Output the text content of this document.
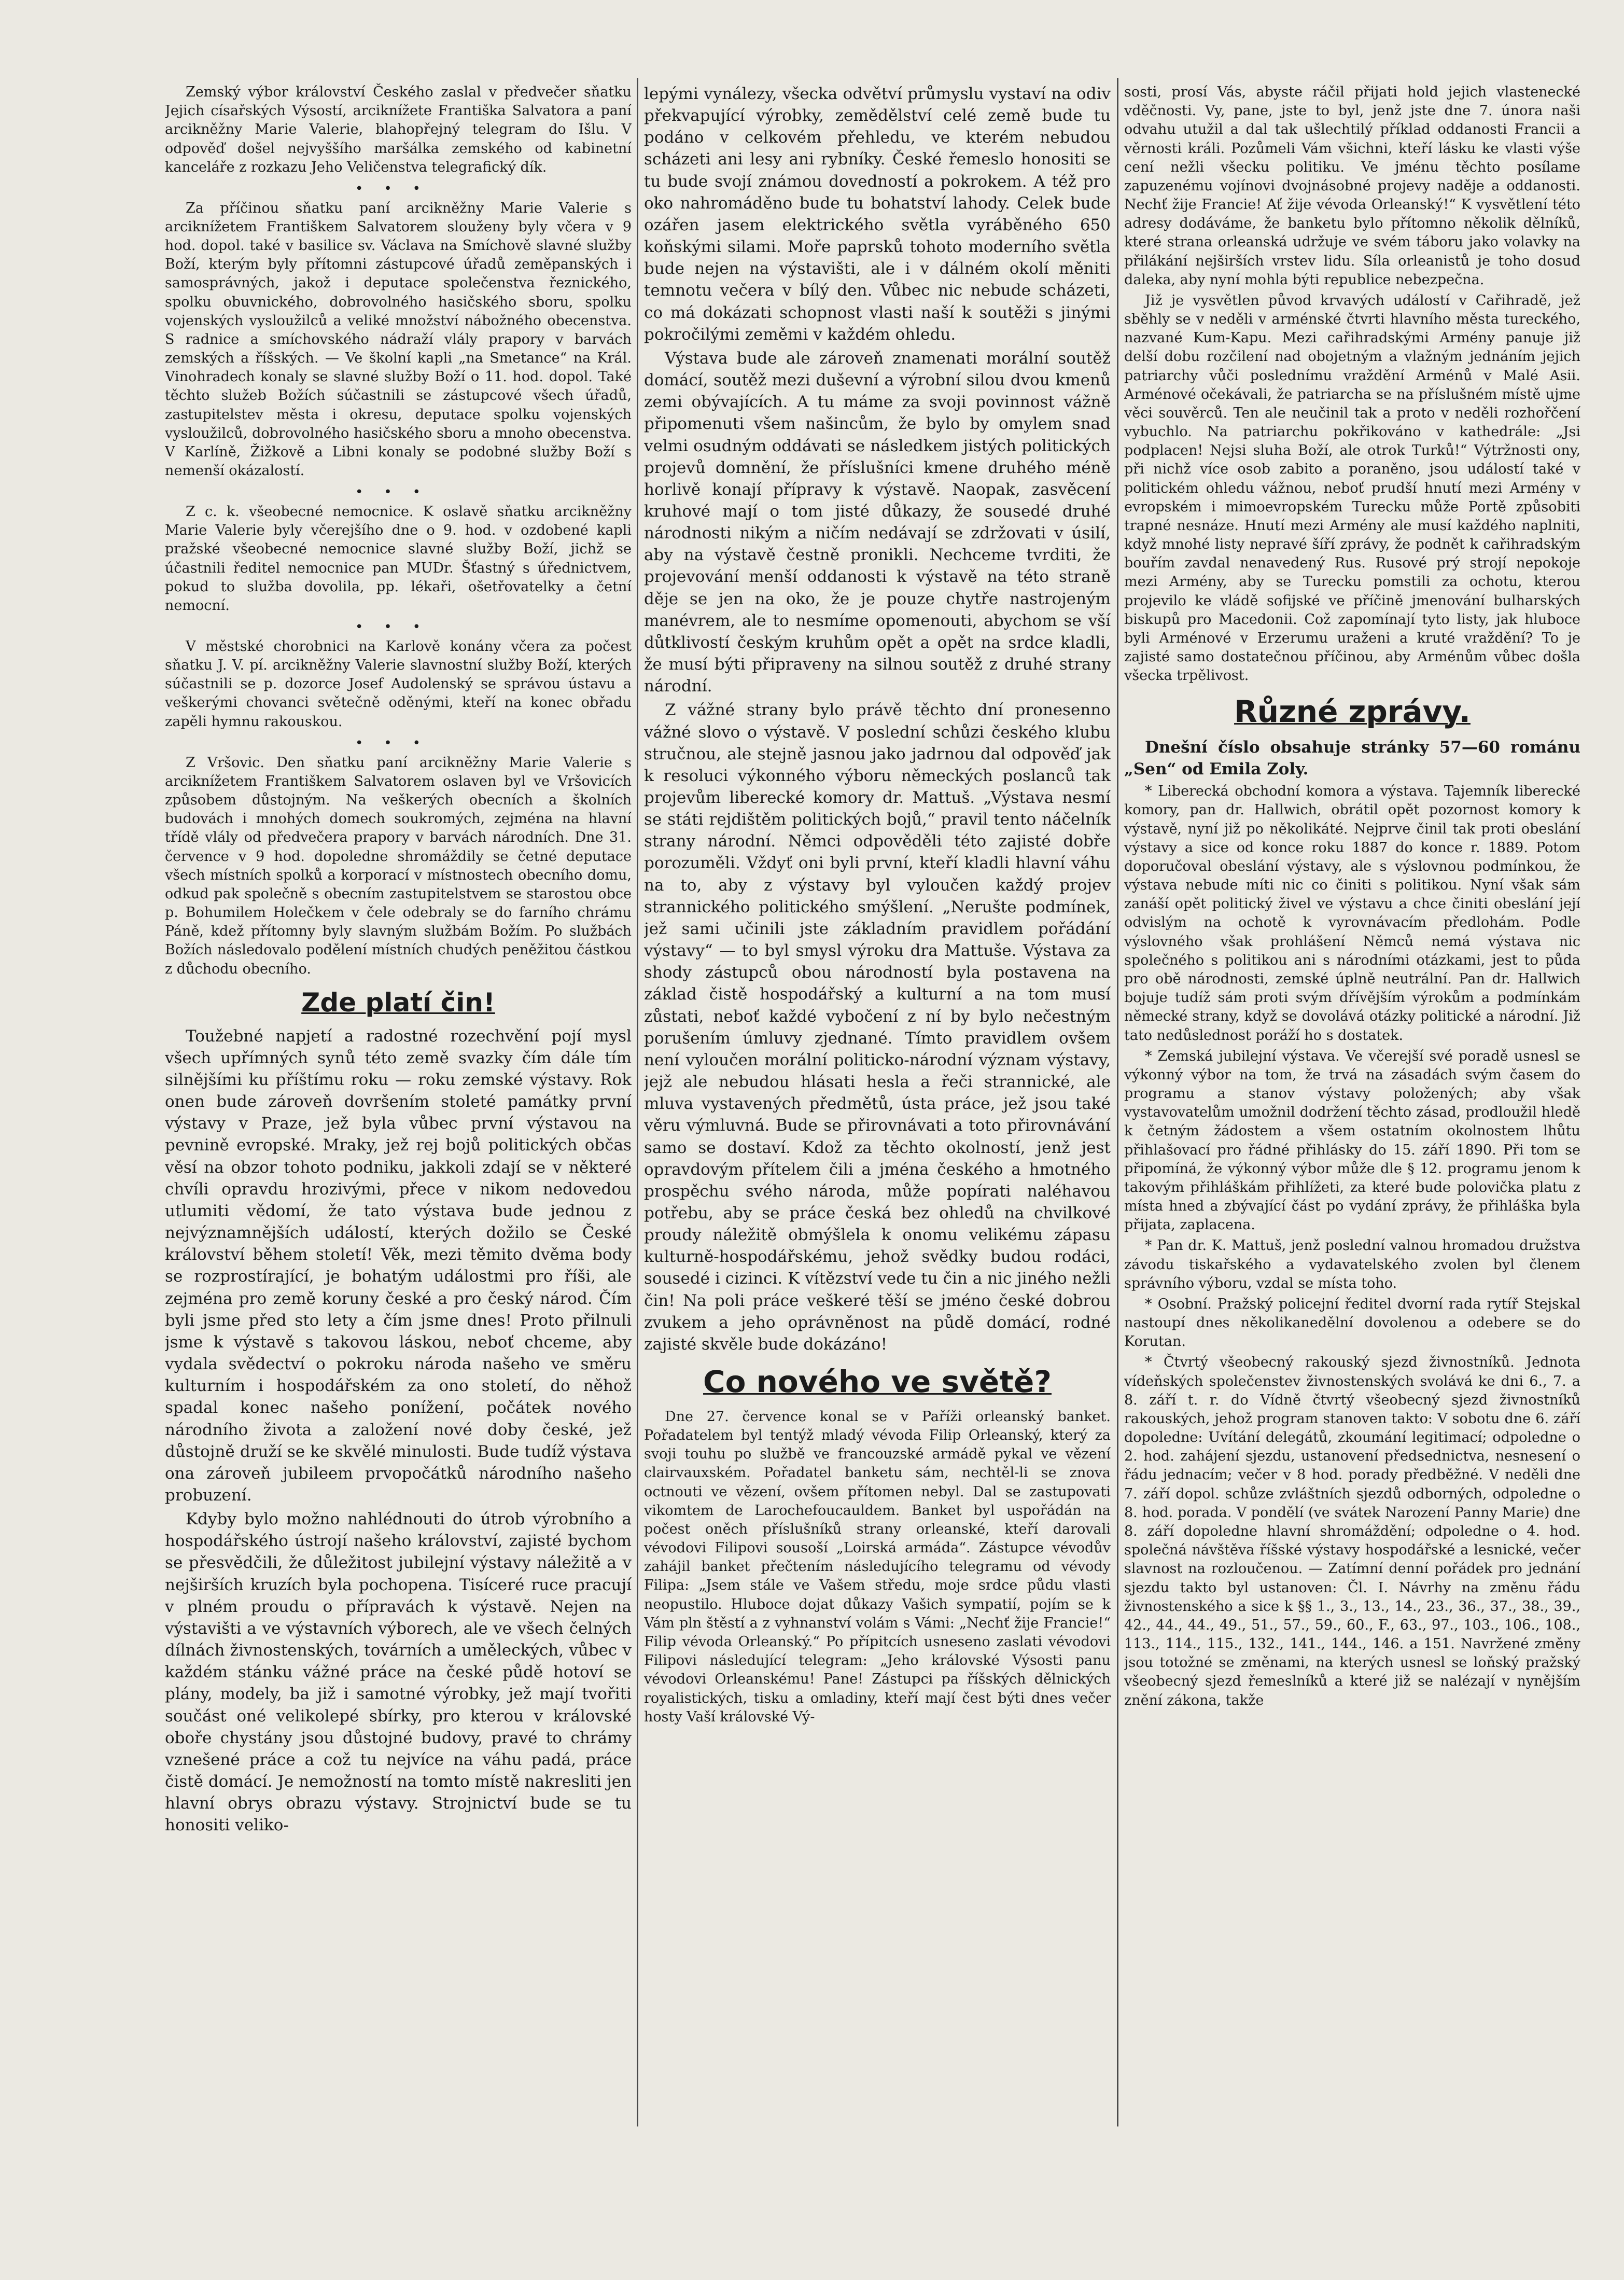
Zemský výbor království Českého zaslal v předvečer sňatku Jejich císařských Výsostí, arciknížete Františka Salvatora a paní arcikněžny Marie Valerie, blahopřejný telegram do Išlu. V odpověď došel nejvyššího maršálka zemského od kabinetní kanceláře z rozkazu Jeho Veličenstva telegrafický dík.

•••

Za příčinou sňatku paní arcikněžny Marie Valerie s arciknížetem Františkem Salvatorem slouženy byly včera v 9 hod. dopol. také v basilice sv. Václava na Smíchově slavné služby Boží, kterým byly přítomni zástupcové úřadů zeměpanských i samosprávných, jakož i deputace společenstva řeznického, spolku obuvnického, dobrovolného hasičského sboru, spolku vojenských vysloužilců a veliké množství nábožného obecenstva. S radnice a smíchovského nádraží vlály prapory v barvách zemských a říšských. — Ve školní kapli „na Smetance“ na Král. Vinohradech konaly se slavné služby Boží o 11. hod. dopol. Také těchto služeb Božích súčastnili se zástupcové všech úřadů, zastupitelstev města i okresu, deputace spolku vojenských vysloužilců, dobrovolného hasičského sboru a mnoho obecenstva. V Karlíně, Žižkově a Libni konaly se podobné služby Boží s nemenší okázalostí.

•••

Z c. k. všeobecné nemocnice. K oslavě sňatku arcikněžny Marie Valerie byly včerejšího dne o 9. hod. v ozdobené kapli pražské všeobecné nemocnice slavné služby Boží, jichž se účastnili ředitel nemocnice pan MUDr. Šťastný s úřednictvem, pokud to služba dovolila, pp. lékaři, ošetřovatelky a četní nemocní.

•••

V městské chorobnici na Karlově konány včera za počest sňatku J. V. pí. arcikněžny Valerie slavnostní služby Boží, kterých súčastnili se p. dozorce Josef Audolenský se správou ústavu a veškerými chovanci světečně oděnými, kteří na konec obřadu zapěli hymnu rakouskou.

•••

Z Vršovic. Den sňatku paní arcikněžny Marie Valerie s arciknížetem Františkem Salvatorem oslaven byl ve Vršovicích způsobem důstojným. Na veškerých obecních a školních budovách i mnohých domech soukromých, zejména na hlavní třídě vlály od předvečera prapory v barvách národních. Dne 31. července v 9 hod. dopoledne shromáždily se četné deputace všech místních spolků a korporací v místnostech obecního domu, odkud pak společně s obecním zastupitelstvem se starostou obce p. Bohumilem Holečkem v čele odebraly se do farního chrámu Páně, kdež přítomny byly slavným službám Božím. Po službách Božích následovalo podělení místních chudých peněžitou částkou z důchodu obecního.

Zde platí čin!

Toužebné napjetí a radostné rozechvění pojí mysl všech upřímných synů této země svazky čím dále tím silnějšími ku příštímu roku — roku zemské výstavy. Rok onen bude zároveň dovršením stoleté památky první výstavy v Praze, jež byla vůbec první výstavou na pevnině evropské. Mraky, jež rej bojů politických občas věsí na obzor tohoto podniku, jakkoli zdají se v některé chvíli opravdu hrozivými, přece v nikom nedovedou utlumiti vědomí, že tato výstava bude jednou z nejvýznamnějších událostí, kterých dožilo se České království během století! Věk, mezi těmito dvěma body se rozprostírající, je bohatým událostmi pro říši, ale zejména pro země koruny české a pro český národ. Čím byli jsme před sto lety a čím jsme dnes! Proto přilnuli jsme k výstavě s takovou láskou, neboť chceme, aby vydala svědectví o pokroku národa našeho ve směru kulturním i hospodářském za ono století, do něhož spadal konec našeho ponížení, počátek nového národního života a založení nové doby české, jež důstojně druží se ke skvělé minulosti. Bude tudíž výstava ona zároveň jubileem prvopočátků národního našeho probuzení.

Kdyby bylo možno nahlédnouti do útrob výrobního a hospodářského ústrojí našeho království, zajisté bychom se přesvědčili, že důležitost jubilejní výstavy náležitě a v nejširších kruzích byla pochopena. Tisíceré ruce pracují v plném proudu o přípravách k výstavě. Nejen na výstavišti a ve výstavních výborech, ale ve všech čelných dílnách živnostenských, továrních a uměleckých, vůbec v každém stánku vážné práce na české půdě hotoví se plány, modely, ba již i samotné výrobky, jež mají tvořiti součást oné velikolepé sbírky, pro kterou v královské oboře chystány jsou důstojné budovy, pravé to chrámy vznešené práce a což tu nejvíce na váhu padá, práce čistě domácí. Je nemožností na tomto místě nakresliti jen hlavní obrys obrazu výstavy. Strojnictví bude se tu honositi veliko-

lepými vynálezy, všecka odvětví průmyslu vystaví na odiv překvapující výrobky, zemědělství celé země bude tu podáno v celkovém přehledu, ve kterém nebudou scházeti ani lesy ani rybníky. České řemeslo honositi se tu bude svojí známou dovedností a pokrokem. A též pro oko nahromáděno bude tu bohatství lahody. Celek bude ozářen jasem elektrického světla vyráběného 650 koňskými silami. Moře paprsků tohoto moderního světla bude nejen na výstavišti, ale i v dálném okolí měniti temnotu večera v bílý den. Vůbec nic nebude scházeti, co má dokázati schopnost vlasti naší k soutěži s jinými pokročilými zeměmi v každém ohledu.

Výstava bude ale zároveň znamenati morální soutěž domácí, soutěž mezi duševní a výrobní silou dvou kmenů zemi obývajících. A tu máme za svoji povinnost vážně připomenuti všem našincům, že bylo by omylem snad velmi osudným oddávati se následkem jistých politických projevů domnění, že příslušníci kmene druhého méně horlivě konají přípravy k výstavě. Naopak, zasvěcení kruhové mají o tom jisté důkazy, že sousedé druhé národnosti nikým a ničím nedávají se zdržovati v úsilí, aby na výstavě čestně pronikli. Nechceme tvrditi, že projevování menší oddanosti k výstavě na této straně děje se jen na oko, že je pouze chytře nastrojeným manévrem, ale to nesmíme opomenouti, abychom se vší důtklivostí českým kruhům opět a opět na srdce kladli, že musí býti připraveny na silnou soutěž z druhé strany národní.

Z vážné strany bylo právě těchto dní pronesenno vážné slovo o výstavě. V poslední schůzi českého klubu stručnou, ale stejně jasnou jako jadrnou dal odpověď jak k resoluci výkonného výboru německých poslanců tak projevům liberecké komory dr. Mattuš. „Výstava nesmí se státi rejdištěm politických bojů,“ pravil tento náčelník strany národní. Němci odpověděli této zajisté dobře porozuměli. Vždyť oni byli první, kteří kladli hlavní váhu na to, aby z výstavy byl vyloučen každý projev strannického politického smýšlení. „Nerušte podmínek, jež sami učinili jste základním pravidlem pořádání výstavy“ — to byl smysl výroku dra Mattuše. Výstava za shody zástupců obou národností byla postavena na základ čistě hospodářský a kulturní a na tom musí zůstati, neboť každé vybočení z ní by bylo nečestným porušením úmluvy zjednané. Tímto pravidlem ovšem není vyloučen morální politicko-národní význam výstavy, jejž ale nebudou hlásati hesla a řeči strannické, ale mluva vystavených předmětů, ústa práce, jež jsou také věru výmluvná. Bude se přirovnávati a toto přirovnávání samo se dostaví. Kdož za těchto okolností, jenž jest opravdovým přítelem čili a jména českého a hmotného prospěchu svého národa, může popírati naléhavou potřebu, aby se práce česká bez ohledů na chvilkové proudy náležitě obmýšlela k onomu velikému zápasu kulturně-hospodářskému, jehož svědky budou rodáci, sousedé i cizinci. K vítězství vede tu čin a nic jiného nežli čin! Na poli práce veškeré těší se jméno české dobrou zvukem a jeho oprávněnost na půdě domácí, rodné zajisté skvěle bude dokázáno!

Co nového ve světě?

Dne 27. července konal se v Paříži orleanský banket. Pořadatelem byl tentýž mladý vévoda Filip Orleanský, který za svoji touhu po službě ve francouzské armádě pykal ve vězení clairvauxském. Pořadatel banketu sám, nechtěl-li se znova octnouti ve vězení, ovšem přítomen nebyl. Dal se zastupovati vikomtem de Larochefoucauldem. Banket byl uspořádán na počest oněch příslušníků strany orleanské, kteří darovali vévodovi Filipovi sousoší „Loirská armáda“. Zástupce vévodův zahájil banket přečtením následujícího telegramu od vévody Filipa: „Jsem stále ve Vašem středu, moje srdce půdu vlasti neopustilo. Hluboce dojat důkazy Vašich sympatií, pojím se k Vám pln štěstí a z vyhnanství volám s Vámi: „Nechť žije Francie!“ Filip vévoda Orleanský.“ Po přípitcích usneseno zaslati vévodovi Filipovi následující telegram: „Jeho královské Výsosti panu vévodovi Orleanskému! Pane! Zástupci pa říšských dělnických royalistických, tisku a omladiny, kteří mají čest býti dnes večer hosty Vaší královské Vý-

sosti, prosí Vás, abyste ráčil přijati hold jejich vlastenecké vděčnosti. Vy, pane, jste to byl, jenž jste dne 7. února naši odvahu utužil a dal tak ušlechtilý příklad oddanosti Francii a věrnosti králi. Pozůmeli Vám všichni, kteří lásku ke vlasti výše cení nežli všecku politiku. Ve jménu těchto posílame zapuzenému vojínovi dvojnásobné projevy naděje a oddanosti. Nechť žije Francie! Ať žije vévoda Orleanský!“ K vysvětlení této adresy dodáváme, že banketu bylo přítomno několik dělníků, které strana orleanská udržuje ve svém táboru jako volavky na přilákání nejširších vrstev lidu. Síla orleanistů je toho dosud daleka, aby nyní mohla býti republice nebezpečna.

Již je vysvětlen původ krvavých událostí v Cařihradě, jež sběhly se v neděli v arménské čtvrti hlavního města tureckého, nazvané Kum-Kapu. Mezi cařihradskými Armény panuje již delší dobu rozčilení nad obojetným a vlažným jednáním jejich patriarchy vůči poslednímu vraždění Arménů v Malé Asii. Arménové očekávali, že patriarcha se na příslušném místě ujme věci souvěrců. Ten ale neučinil tak a proto v neděli rozhořčení vybuchlo. Na patriarchu pokřikováno v kathedrále: „Jsi podplacen! Nejsi sluha Boží, ale otrok Turků!“ Výtržnosti ony, při nichž více osob zabito a poraněno, jsou událostí také v politickém ohledu vážnou, neboť prudší hnutí mezi Armény v evropském i mimoevropském Turecku může Portě způsobiti trapné nesnáze. Hnutí mezi Armény ale musí každého naplniti, když mnohé listy nepravé šíří zprávy, že podnět k cařihradským bouřím zavdal nenavedený Rus. Rusové prý strojí nepokoje mezi Armény, aby se Turecku pomstili za ochotu, kterou projevilo ke vládě sofijské ve příčině jmenování bulharských biskupů pro Macedonii. Což zapomínají tyto listy, jak hluboce byli Arménové v Erzerumu uraženi a kruté vraždění? To je zajisté samo dostatečnou příčinou, aby Arménům vůbec došla všecka trpělivost.

Různé zprávy.

Dnešní číslo obsahuje stránky 57—60 románu „Sen“ od Emila Zoly.

* Liberecká obchodní komora a výstava. Tajemník liberecké komory, pan dr. Hallwich, obrátil opět pozornost komory k výstavě, nyní již po několikáté. Nejprve činil tak proti obeslání výstavy a sice od konce roku 1887 do konce r. 1889. Potom doporučoval obeslání výstavy, ale s výslovnou podmínkou, že výstava nebude míti nic co činiti s politikou. Nyní však sám zanáší opět politický živel ve výstavu a chce činiti obeslání její odvislým na ochotě k vyrovnávacím předlohám. Podle výslovného však prohlášení Němců nemá výstava nic společného s politikou ani s národními otázkami, jest to půda pro obě národnosti, zemské úplně neutrální. Pan dr. Hallwich bojuje tudíž sám proti svým dřívějším výrokům a podmínkám německé strany, když se dovolává otázky politické a národní. Již tato nedůslednost poráží ho s dostatek.

* Zemská jubilejní výstava. Ve včerejší své poradě usnesl se výkonný výbor na tom, že trvá na zásadách svým časem do programu a stanov výstavy položených; aby však vystavovatelům umožnil dodržení těchto zásad, prodloužil hledě k četným žádostem a všem ostatním okolnostem lhůtu přihlašovací pro řádné přihlásky do 15. září 1890. Při tom se připomíná, že výkonný výbor může dle § 12. programu jenom k takovým přihláškám přihlížeti, za které bude polovička platu z místa hned a zbývající část po vydání zprávy, že přihláška byla přijata, zaplacena.

* Pan dr. K. Mattuš, jenž poslední valnou hromadou družstva závodu tiskařského a vydavatelského zvolen byl členem správního výboru, vzdal se místa toho.

* Osobní. Pražský policejní ředitel dvorní rada rytíř Stejskal nastoupí dnes několikanedělní dovolenou a odebere se do Korutan.

* Čtvrtý všeobecný rakouský sjezd živnostníků. Jednota vídeňských společenstev živnostenských svolává ke dni 6., 7. a 8. září t. r. do Vídně čtvrtý všeobecný sjezd živnostníků rakouských, jehož program stanoven takto: V sobotu dne 6. září dopoledne: Uvítání delegátů, zkoumání legitimací; odpoledne o 2. hod. zahájení sjezdu, ustanovení předsednictva, nesnesení o řádu jednacím; večer v 8 hod. porady předběžné. V neděli dne 7. září dopol. schůze zvláštních sjezdů odborných, odpoledne o 8. hod. porada. V pondělí (ve svátek Narození Panny Marie) dne 8. září dopoledne hlavní shromáždění; odpoledne o 4. hod. společná návštěva říšské výstavy hospodářské a lesnické, večer slavnost na rozloučenou. — Zatímní denní pořádek pro jednání sjezdu takto byl ustanoven: Čl. I. Návrhy na změnu řádu živnostenského a sice k §§ 1., 3., 13., 14., 23., 36., 37., 38., 39., 42., 44., 44., 49., 51., 57., 59., 60., F., 63., 97., 103., 106., 108., 113., 114., 115., 132., 141., 144., 146. a 151. Navržené změny jsou totožné se změnami, na kterých usnesl se loňský pražský všeobecný sjezd řemeslníků a které již se nalézají v nynějším znění zákona, takže
